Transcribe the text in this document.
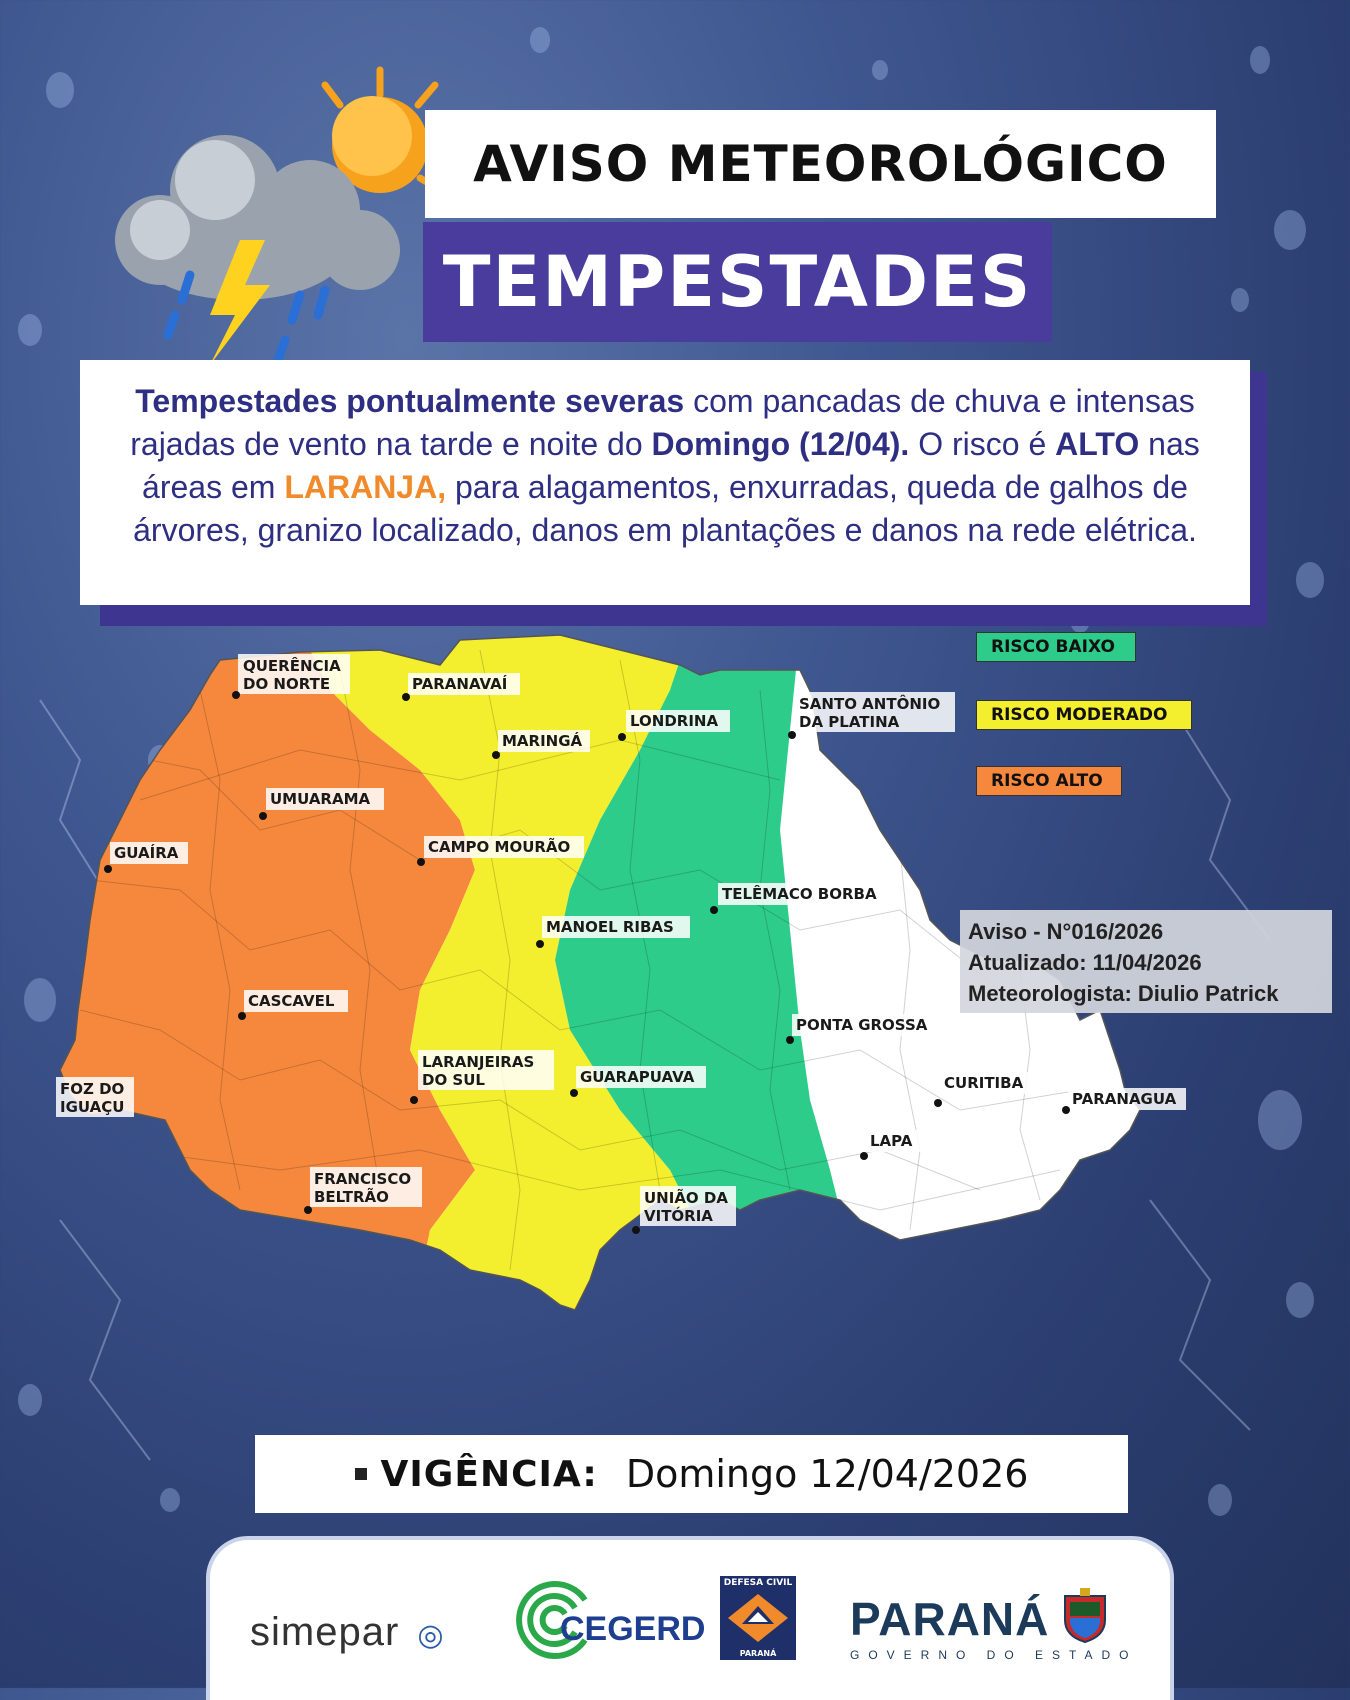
AVISO METEOROLÓGICO
TEMPESTADES
Tempestades pontualmente severas com pancadas de chuva e intensas rajadas de vento na tarde e noite do Domingo (12/04). O risco é ALTO nas áreas em LARANJA, para alagamentos, enxurradas, queda de galhos de árvores, granizo localizado, danos em plantações e danos na rede elétrica.
QUERÊNCIA
DO NORTE	PARANAVAÍ
LONDRINA
MARINGÁ
SANTO ANTÔNIO
DA PLATINA
UMUARAMA
GUAÍRA	CAMPO MOURÃO
TELÊMACO BORBA
MANOEL RIBAS
CASCAVEL
PONTA GROSSA
LARANJEIRAS
DO SUL	GUARAPUAVA
FOZ DO
IGUAÇU
CURITIBA
PARANAGUA
LAPA
FRANCISCO
BELTRÃO	UNIÃO DA
VITÓRIA
RISCO BAIXO
RISCO MODERADO
RISCO ALTO
Aviso - N°016/2026
Atualizado: 11/04/2026
Meteorologista: Diulio Patrick
VIGÊNCIA: Domingo 12/04/2026
simepar ◎	CEGERD
DEFESA CIVIL
PARANÁ
PARANÁ
GOVERNO DO ESTADO
